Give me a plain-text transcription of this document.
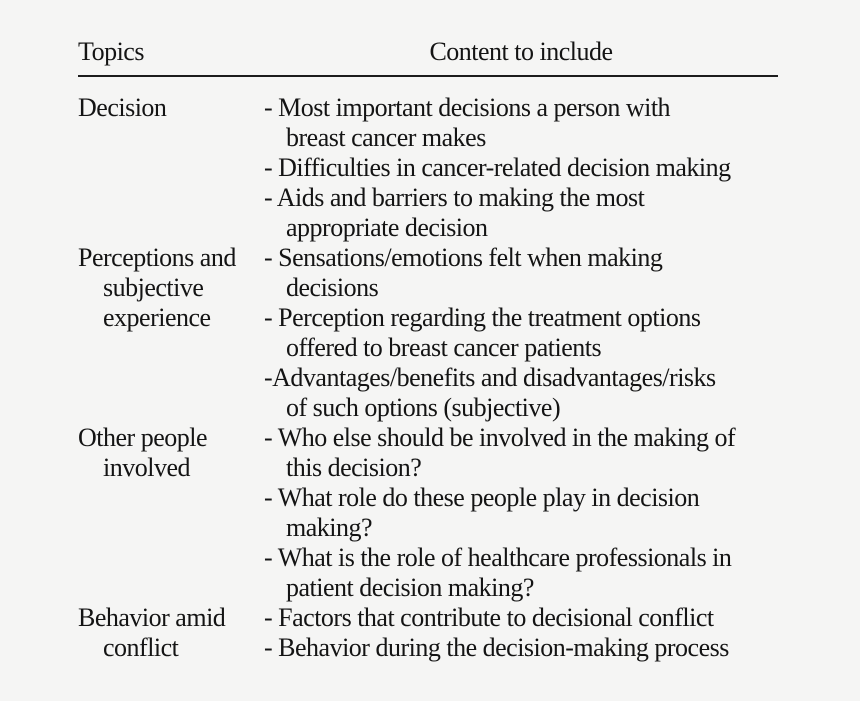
Topics	Content to include
Decision	- Most important decisions a person with
breast cancer makes
- Difficulties in cancer-related decision making
- Aids and barriers to making the most
appropriate decision
Perceptions and
subjective
experience
- Sensations/emotions felt when making
decisions
- Perception regarding the treatment options
offered to breast cancer patients
-Advantages/benefits and disadvantages/risks
of such options (subjective)
Other people
involved
- Who else should be involved in the making of
this decision?
- What role do these people play in decision
making?
- What is the role of healthcare professionals in
patient decision making?
Behavior amid
conflict
- Factors that contribute to decisional conflict
- Behavior during the decision-making process
